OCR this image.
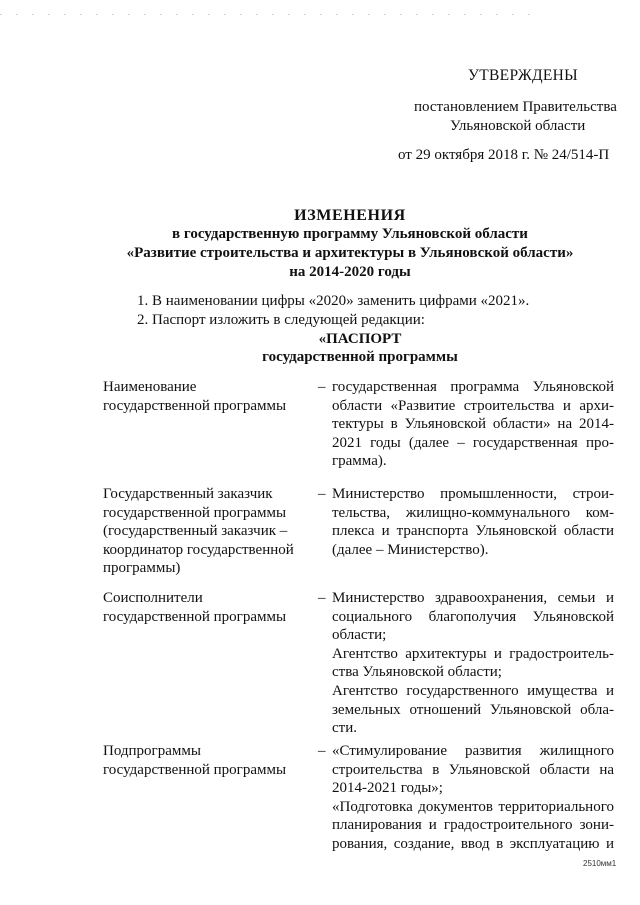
. . . . . . . . . . . . . . . . . . . . . . . . . . . . . . . . . .
УТВЕРЖДЕНЫ
постановлением Правительства
Ульяновской области
от 29 октября 2018 г. № 24/514-П
ИЗМЕНЕНИЯ
в государственную программу Ульяновской области
«Развитие строительства и архитектуры в Ульяновской области»
на 2014-2020 годы
1. В наименовании цифры «2020» заменить цифрами «2021».
2. Паспорт изложить в следующей редакции:
«ПАСПОРТ
государственной программы
Наименование
государственной программы
– государственная программа Ульяновской
области «Развитие строительства и архи-
тектуры в Ульяновской области» на 2014-
2021 годы (далее – государственная про-
грамма).
Государственный заказчик
государственной программы
(государственный заказчик –
координатор государственной
программы)
– Министерство промышленности, строи-
тельства, жилищно-коммунального ком-
плекса и транспорта Ульяновской области
(далее – Министерство).
Соисполнители
государственной программы
– Министерство здравоохранения, семьи и
социального благополучия Ульяновской
области;
Агентство архитектуры и градостроитель-
ства Ульяновской области;
Агентство государственного имущества и
земельных отношений Ульяновской обла-
сти.
Подпрограммы
государственной программы
– «Стимулирование развития жилищного
строительства в Ульяновской области на
2014-2021 годы»;
«Подготовка документов территориального
планирования и градостроительного зони-
рования, создание, ввод в эксплуатацию и
2510мм1
